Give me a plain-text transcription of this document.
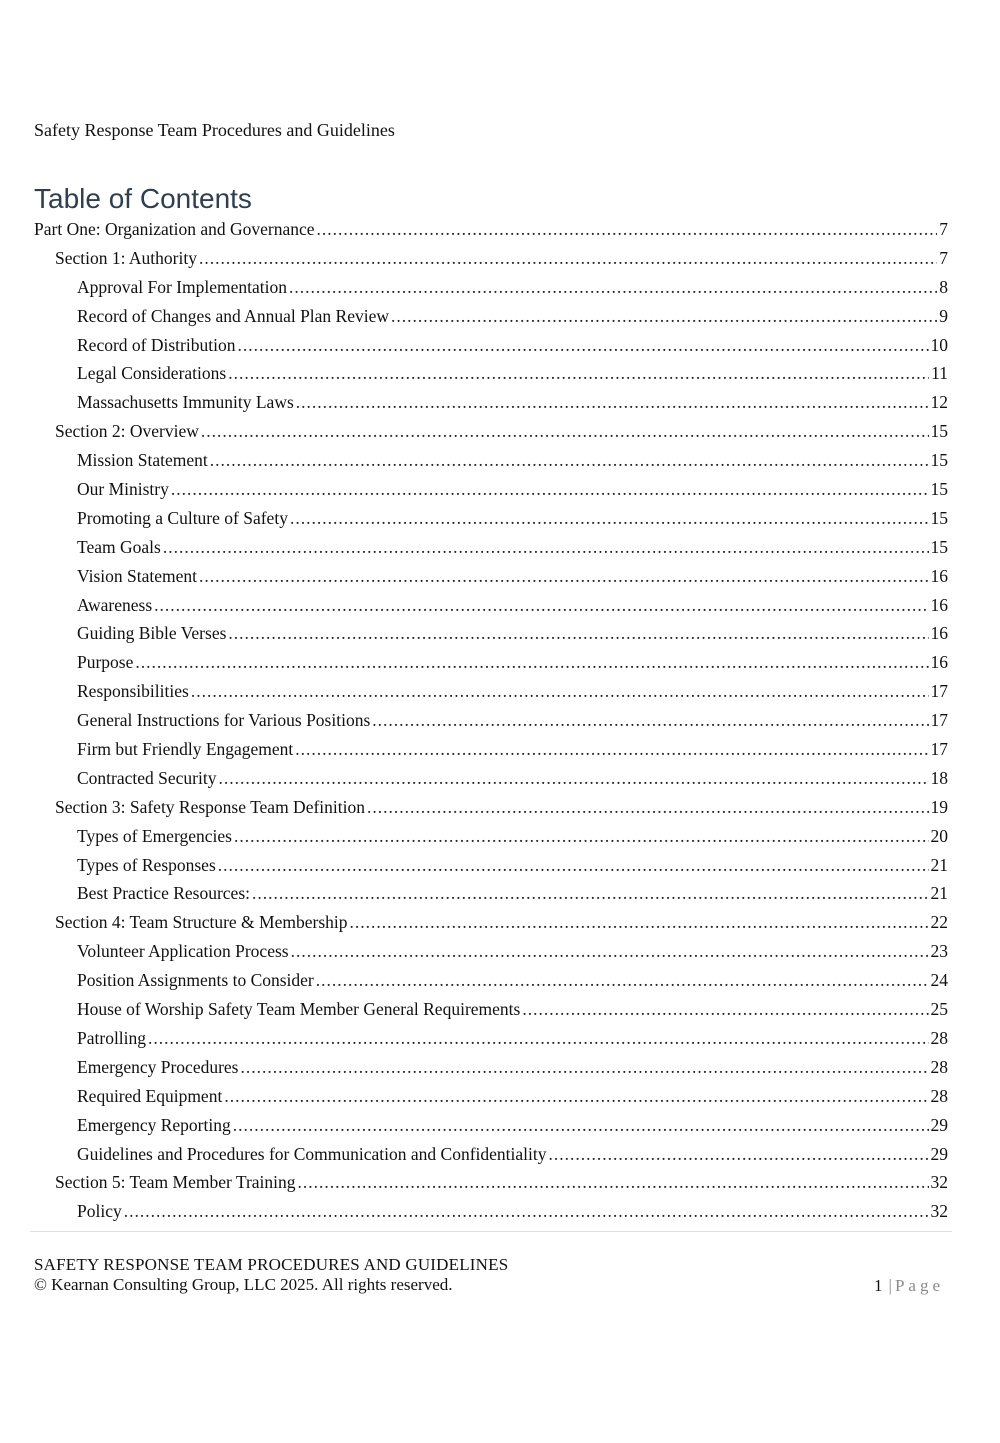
Safety Response Team Procedures and Guidelines
Table of Contents
Part One: Organization and Governance .....	7
Section 1: Authority .....	7
Approval For Implementation .....	8
Record of Changes and Annual Plan Review .....	9
Record of Distribution .....	10
Legal Considerations .....	11
Massachusetts Immunity Laws .....	12
Section 2: Overview .....	15
Mission Statement .....	15
Our Ministry .....	15
Promoting a Culture of Safety .....	15
Team Goals .....	15
Vision Statement .....	16
Awareness .....	16
Guiding Bible Verses .....	16
Purpose .....	16
Responsibilities .....	17
General Instructions for Various Positions .....	17
Firm but Friendly Engagement .....	17
Contracted Security .....	18
Section 3: Safety Response Team Definition .....	19
Types of Emergencies .....	20
Types of Responses .....	21
Best Practice Resources: .....	21
Section 4: Team Structure & Membership .....	22
Volunteer Application Process .....	23
Position Assignments to Consider .....	24
House of Worship Safety Team Member General Requirements .....	25
Patrolling .....	28
Emergency Procedures .....	28
Required Equipment .....	28
Emergency Reporting .....	29
Guidelines and Procedures for Communication and Confidentiality .....	29
Section 5: Team Member Training .....	32
Policy .....	32
SAFETY RESPONSE TEAM PROCEDURES AND GUIDELINES
© Kearnan Consulting Group, LLC 2025. All rights reserved.	1 | Page
